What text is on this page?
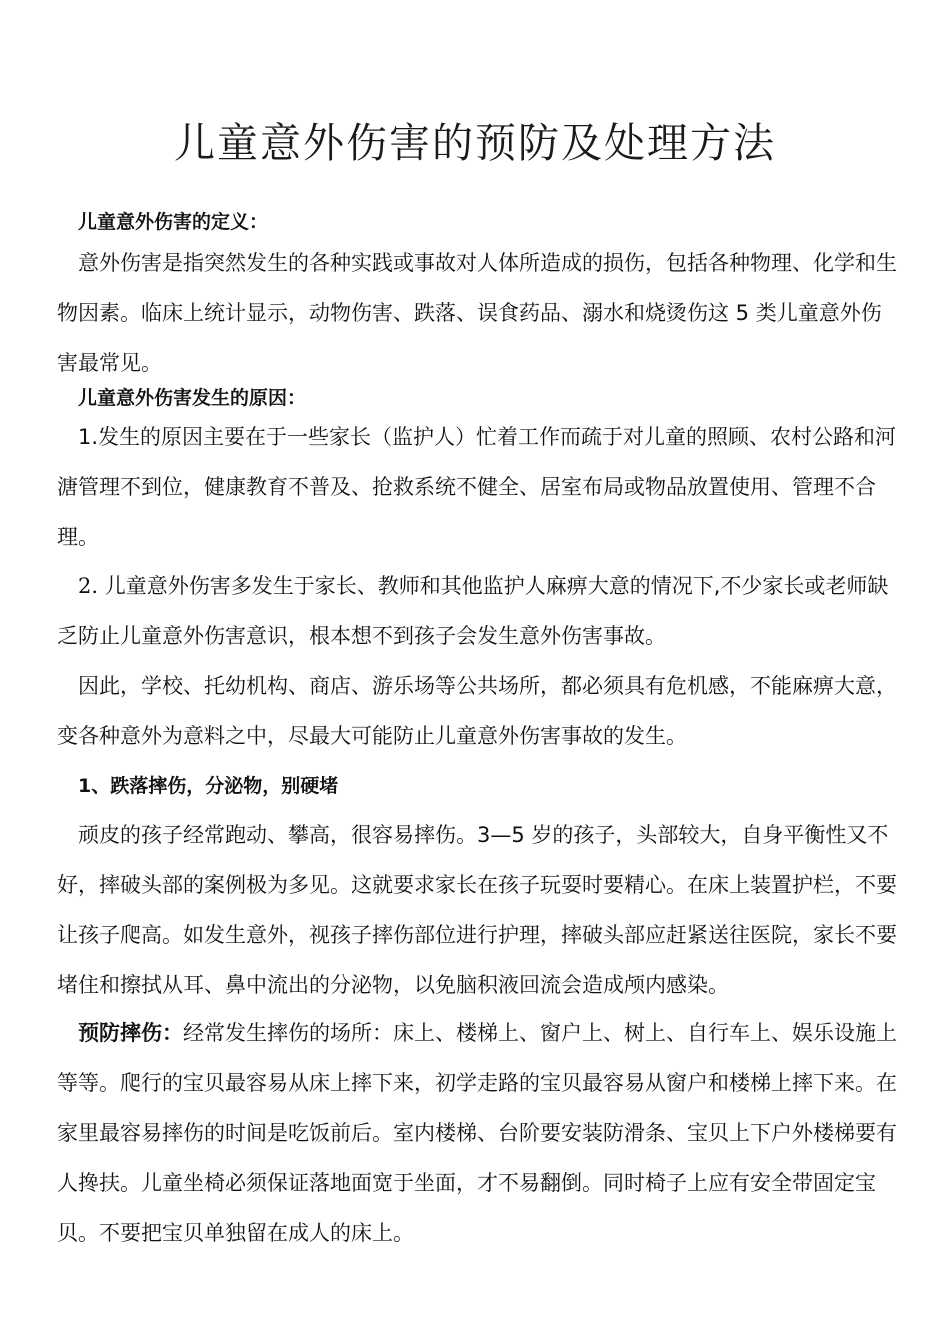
儿童意外伤害的预防及处理方法

儿童意外伤害的定义：

意外伤害是指突然发生的各种实践或事故对人体所造成的损伤，包括各种物理、化学和生物因素。临床上统计显示，动物伤害、跌落、误食药品、溺水和烧烫伤这 5 类儿童意外伤害最常见。

儿童意外伤害发生的原因：

1.发生的原因主要在于一些家长（监护人）忙着工作而疏于对儿童的照顾、农村公路和河溏管理不到位，健康教育不普及、抢救系统不健全、居室布局或物品放置使用、管理不合理。

2. 儿童意外伤害多发生于家长、教师和其他监护人麻痹大意的情况下,不少家长或老师缺乏防止儿童意外伤害意识，根本想不到孩子会发生意外伤害事故。

因此，学校、托幼机构、商店、游乐场等公共场所，都必须具有危机感，不能麻痹大意，变各种意外为意料之中，尽最大可能防止儿童意外伤害事故的发生。

1、跌落摔伤，分泌物，别硬堵

顽皮的孩子经常跑动、攀高，很容易摔伤。3—5 岁的孩子，头部较大，自身平衡性又不好，摔破头部的案例极为多见。这就要求家长在孩子玩耍时要精心。在床上装置护栏，不要让孩子爬高。如发生意外，视孩子摔伤部位进行护理，摔破头部应赶紧送往医院，家长不要堵住和擦拭从耳、鼻中流出的分泌物，以免脑积液回流会造成颅内感染。

预防摔伤：经常发生摔伤的场所：床上、楼梯上、窗户上、树上、自行车上、娱乐设施上等等。爬行的宝贝最容易从床上摔下来，初学走路的宝贝最容易从窗户和楼梯上摔下来。在家里最容易摔伤的时间是吃饭前后。室内楼梯、台阶要安装防滑条、宝贝上下户外楼梯要有人搀扶。儿童坐椅必须保证落地面宽于坐面，才不易翻倒。同时椅子上应有安全带固定宝贝。不要把宝贝单独留在成人的床上。
